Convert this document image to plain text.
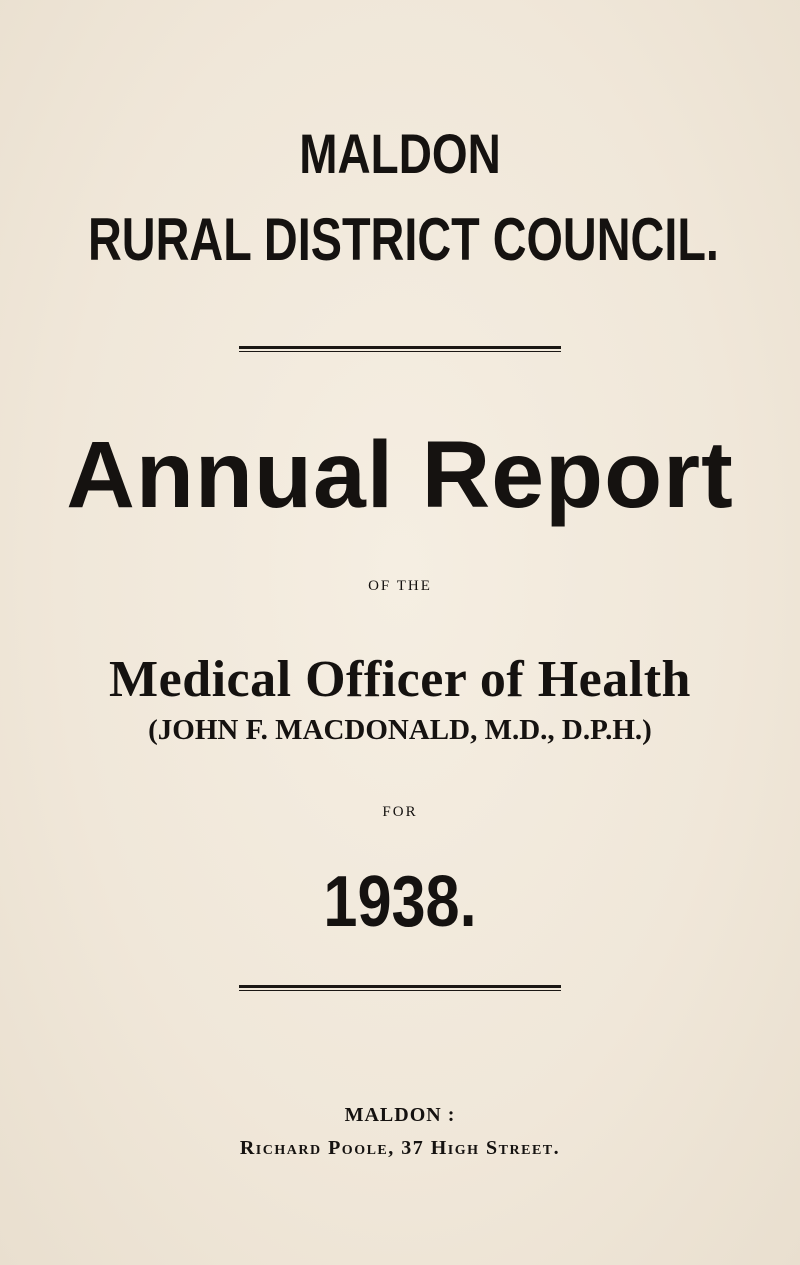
MALDON
RURAL DISTRICT COUNCIL.
Annual Report

OF THE

Medical Officer of Health

(JOHN F. MACDONALD, M.D., D.P.H.)

FOR

1938.

MALDON :

Richard Poole, 37 High Street.
